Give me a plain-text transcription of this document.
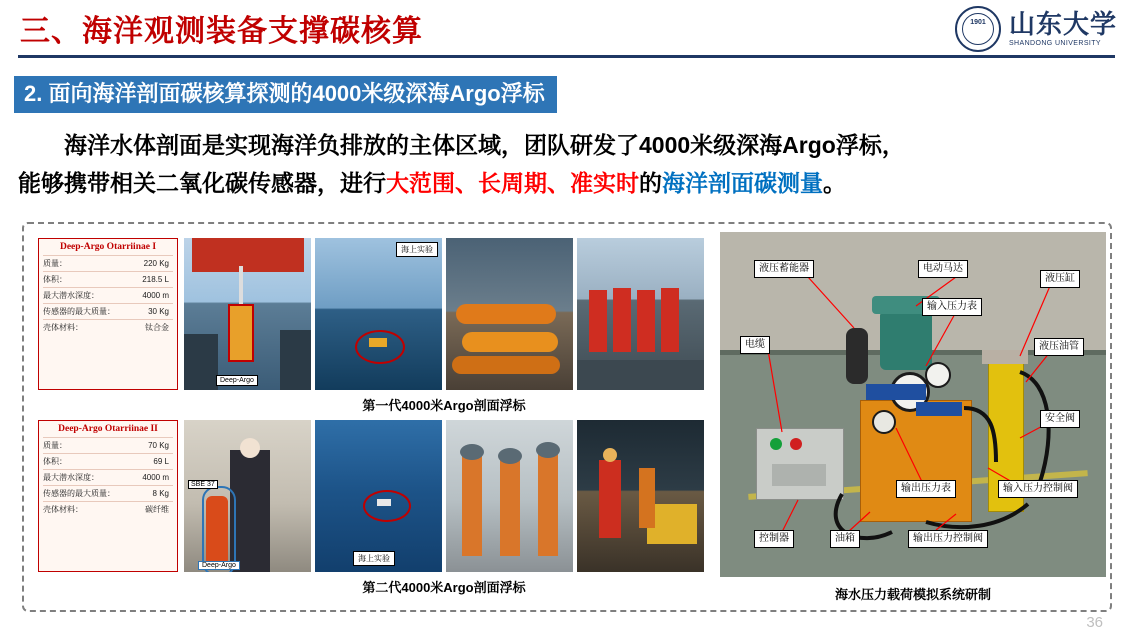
三、海洋观测装备支撑碳核算	1901 山东大学
SHANDONG UNIVERSITY
2. 面向海洋剖面碳核算探测的4000米级深海Argo浮标
海洋水体剖面是实现海洋负排放的主体区域，团队研发了4000米级深海Argo浮标，
能够携带相关二氧化碳传感器，进行大范围、长周期、准实时的海洋剖面碳测量。
Deep-Argo Otarriinae I
质量：	220 Kg
体积：	218.5 L
最大潜水深度：	4000 m
传感器的最大质量：	30 Kg
壳体材料：	钛合金
Deep-Argo
海上实验
第一代4000米Argo剖面浮标
Deep-Argo Otarriinae II
质量：	70 Kg
体积：	69 L
最大潜水深度：	4000 m
传感器的最大质量：	8 Kg
壳体材料：	碳纤维
SBE 37
Deep-Argo
海上实验
第二代4000米Argo剖面浮标
液压蓄能器	电动马达
液压缸
输入压力表
液压油管
电缆
安全阀
输出压力表	输入压力控制阀
控制器	油箱	输出压力控制阀
海水压力载荷模拟系统研制
36
